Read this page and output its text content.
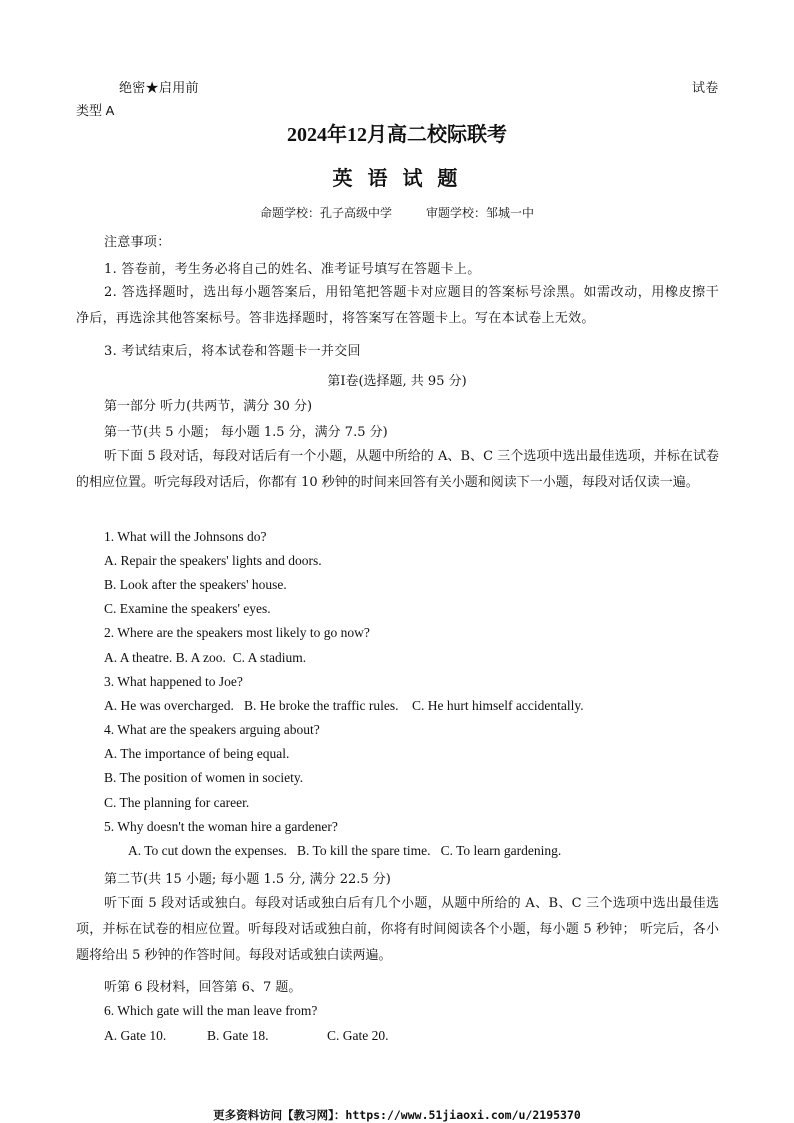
绝密★启用前	试卷
类型 A
2024年12月高二校际联考
英 语 试 题
命题学校：孔子高级中学	审题学校：邹城一中
注意事项：
1. 答卷前，考生务必将自己的姓名、准考证号填写在答题卡上。
2. 答选择题时，选出每小题答案后，用铅笔把答题卡对应题目的答案标号涂黑。如需改动，用橡皮擦干净后，再选涂其他答案标号。答非选择题时，将答案写在答题卡上。写在本试卷上无效。
3. 考试结束后，将本试卷和答题卡一并交回
第Ⅰ卷(选择题, 共 95 分)
第一部分 听力(共两节，满分 30 分)
第一节(共 5 小题； 每小题 1.5 分，满分 7.5 分)
听下面 5 段对话，每段对话后有一个小题，从题中所给的 A、B、C 三个选项中选出最佳选项，并标在试卷的相应位置。听完每段对话后，你都有 10 秒钟的时间来回答有关小题和阅读下一小题，每段对话仅读一遍。
1. What will the Johnsons do?
A. Repair the speakers' lights and doors.
B. Look after the speakers' house.
C. Examine the speakers' eyes.
2. Where are the speakers most likely to go now?
A. A theatre. B. A zoo.  C. A stadium.
3. What happened to Joe?
A. He was overcharged.   B. He broke the traffic rules.    C. He hurt himself accidentally.
4. What are the speakers arguing about?
A. The importance of being equal.
B. The position of women in society.
C. The planning for career.
5. Why doesn't the woman hire a gardener?
A. To cut down the expenses.   B. To kill the spare time.   C. To learn gardening.
第二节(共 15 小题; 每小题 1.5 分, 满分 22.5 分)
听下面 5 段对话或独白。每段对话或独白后有几个小题，从题中所给的 A、B、C 三个选项中选出最佳选项，并标在试卷的相应位置。听每段对话或独白前，你将有时间阅读各个小题，每小题 5 秒钟； 听完后，各小题将给出 5 秒钟的作答时间。每段对话或独白读两遍。
听第 6 段材料，回答第 6、7 题。
6. Which gate will the man leave from?
A. Gate 10.	B. Gate 18.	C. Gate 20.
更多资料访问【教习网】：https://www.51jiaoxi.com/u/2195370
